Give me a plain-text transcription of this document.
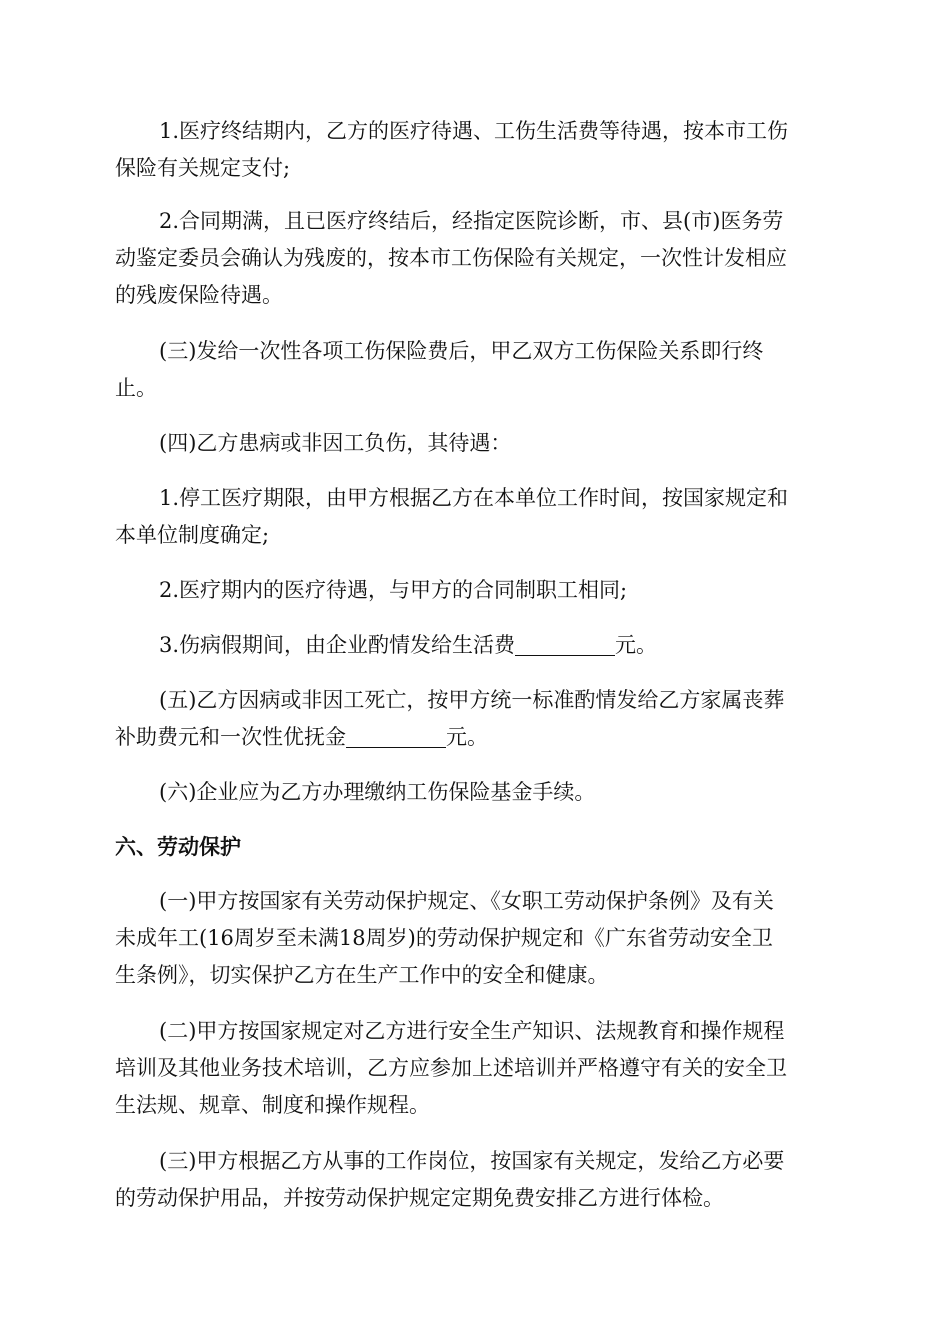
1.医疗终结期内，乙方的医疗待遇、工伤生活费等待遇，按本市工伤
保险有关规定支付;

2.合同期满，且已医疗终结后，经指定医院诊断，市、县(市)医务劳
动鉴定委员会确认为残废的，按本市工伤保险有关规定，一次性计发相应
的残废保险待遇。

(三)发给一次性各项工伤保险费后，甲乙双方工伤保险关系即行终
止。

(四)乙方患病或非因工负伤，其待遇：

1.停工医疗期限，由甲方根据乙方在本单位工作时间，按国家规定和
本单位制度确定;

2.医疗期内的医疗待遇，与甲方的合同制职工相同;

3.伤病假期间，由企业酌情发给生活费	元。

(五)乙方因病或非因工死亡，按甲方统一标准酌情发给乙方家属丧葬
补助费元和一次性优抚金	元。

(六)企业应为乙方办理缴纳工伤保险基金手续。

六、劳动保护

(一)甲方按国家有关劳动保护规定、《女职工劳动保护条例》及有关
未成年工(16周岁至未满18周岁)的劳动保护规定和《广东省劳动安全卫
生条例》，切实保护乙方在生产工作中的安全和健康。

(二)甲方按国家规定对乙方进行安全生产知识、法规教育和操作规程
培训及其他业务技术培训，乙方应参加上述培训并严格遵守有关的安全卫
生法规、规章、制度和操作规程。

(三)甲方根据乙方从事的工作岗位，按国家有关规定，发给乙方必要
的劳动保护用品，并按劳动保护规定定期免费安排乙方进行体检。
